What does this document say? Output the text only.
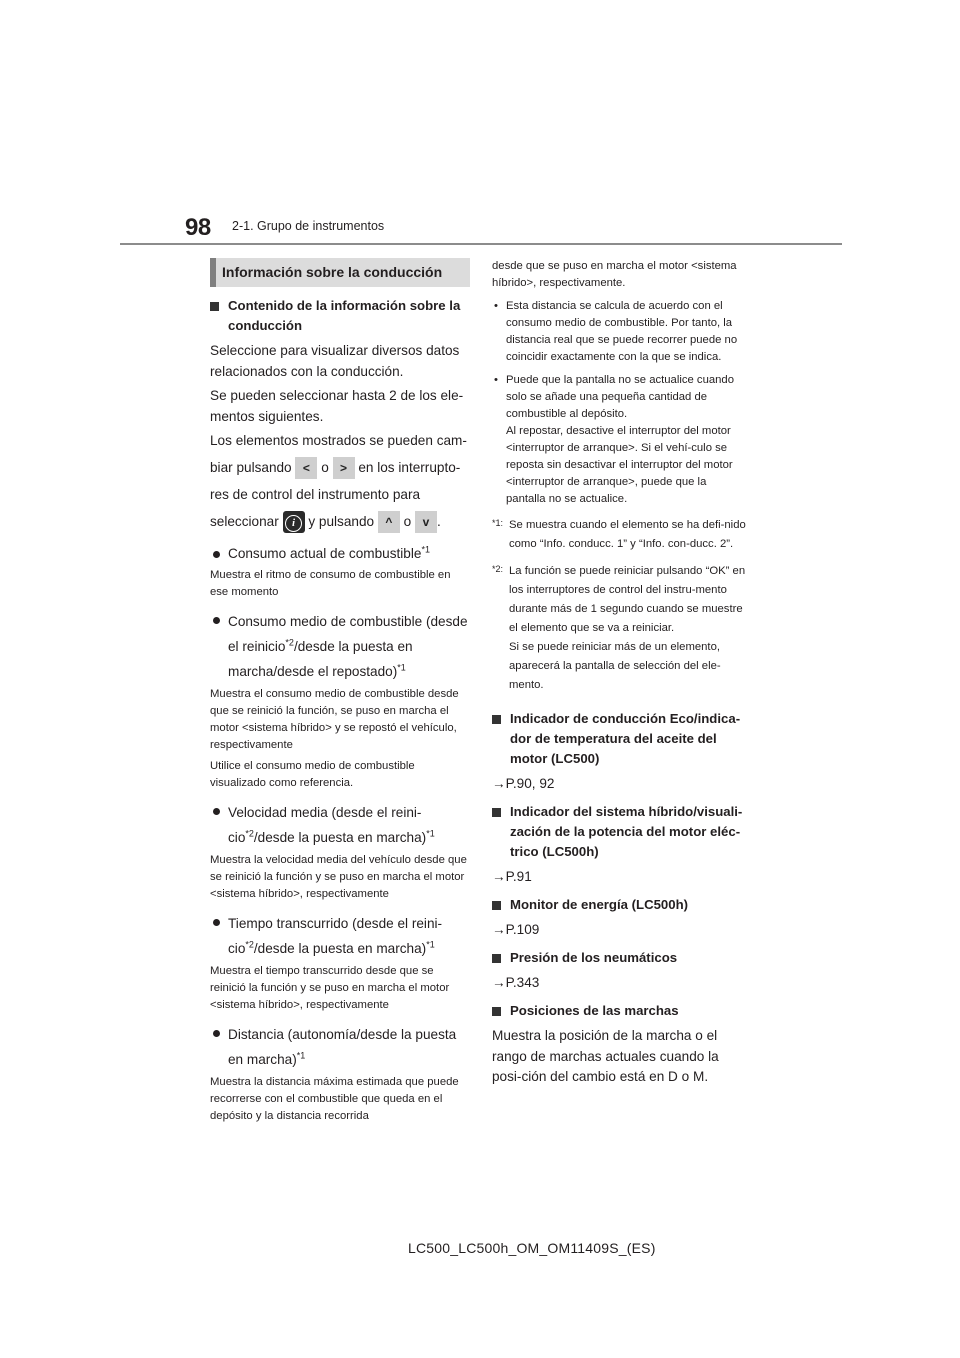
98 2-1. Grupo de instrumentos
Información sobre la conducción
Contenido de la información sobre la conducción

Seleccione para visualizar diversos datos relacionados con la conducción.

Se pueden seleccionar hasta 2 de los ele-mentos siguientes.

Los elementos mostrados se pueden cam-

biar pulsando < o > en los interrupto-
res de control del instrumento para
seleccionar i y pulsando ^ o v .
Consumo actual de combustible$^{*1}$
Muestra el ritmo de consumo de combustible en ese momento
Consumo medio de combustible (desde el reinicio$^{*2}$/desde la puesta en marcha/desde el repostado)$^{*1}$
Muestra el consumo medio de combustible desde que se reinició la función, se puso en marcha el motor <sistema híbrido> y se repostó el vehículo, respectivamente
Utilice el consumo medio de combustible visualizado como referencia.
Velocidad media (desde el reini-cio$^{*2}$/desde la puesta en marcha)$^{*1}$
Muestra la velocidad media del vehículo desde que se reinició la función y se puso en marcha el motor <sistema híbrido>, respectivamente
Tiempo transcurrido (desde el reini-cio$^{*2}$/desde la puesta en marcha)$^{*1}$
Muestra el tiempo transcurrido desde que se reinició la función y se puso en marcha el motor <sistema híbrido>, respectivamente
Distancia (autonomía/desde la puesta en marcha)$^{*1}$
Muestra la distancia máxima estimada que puede recorrerse con el combustible que queda en el depósito y la distancia recorrida
desde que se puso en marcha el motor <sistema híbrido>, respectivamente.
• Esta distancia se calcula de acuerdo con el consumo medio de combustible. Por tanto, la distancia real que se puede recorrer puede no coincidir exactamente con la que se indica.
• Puede que la pantalla no se actualice cuando solo se añade una pequeña cantidad de combustible al depósito.
Al repostar, desactive el interruptor del motor <interruptor de arranque>. Si el vehí-culo se reposta sin desactivar el interruptor del motor <interruptor de arranque>, puede que la pantalla no se actualice.
*1: Se muestra cuando el elemento se ha defi-nido como “Info. conducc. 1” y “Info. con-ducc. 2”.
*2: La función se puede reiniciar pulsando “OK” en los interruptores de control del instru-mento durante más de 1 segundo cuando se muestre el elemento que se va a reiniciar.
Si se puede reiniciar más de un elemento, aparecerá la pantalla de selección del ele-mento.
Indicador de conducción Eco/indica-dor de temperatura del aceite del motor (LC500)
→P.90, 92
Indicador del sistema híbrido/visuali-zación de la potencia del motor eléc-trico (LC500h)
→P.91
Monitor de energía (LC500h)
→P.109
Presión de los neumáticos
→P.343
Posiciones de las marchas

Muestra la posición de la marcha o el rango de marchas actuales cuando la posi-ción del cambio está en D o M.

LC500_LC500h_OM_OM11409S_(ES)
